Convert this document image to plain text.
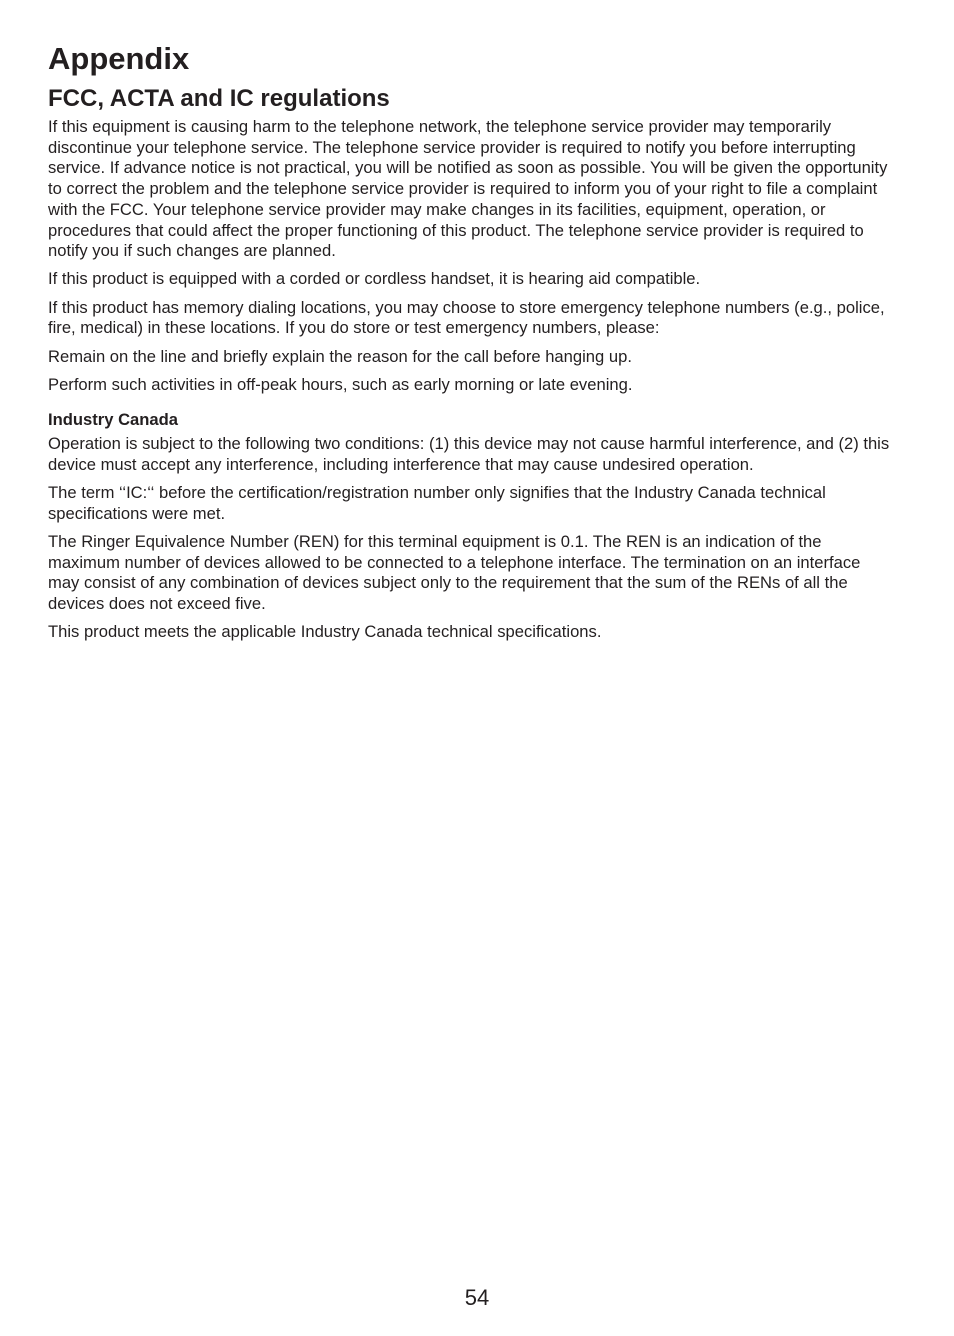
Appendix
FCC, ACTA and IC regulations

If this equipment is causing harm to the telephone network, the telephone service provider may temporarily discontinue your telephone service. The telephone service provider is required to notify you before interrupting service. If advance notice is not practical, you will be notified as soon as possible. You will be given the opportunity to correct the problem and the telephone service provider is required to inform you of your right to file a complaint with the FCC. Your telephone service provider may make changes in its facilities, equipment, operation, or procedures that could affect the proper functioning of this product. The telephone service provider is required to notify you if such changes are planned.

If this product is equipped with a corded or cordless handset, it is hearing aid compatible.

If this product has memory dialing locations, you may choose to store emergency telephone numbers (e.g., police, fire, medical) in these locations. If you do store or test emergency numbers, please:

Remain on the line and briefly explain the reason for the call before hanging up.

Perform such activities in off-peak hours, such as early morning or late evening.

Industry Canada

Operation is subject to the following two conditions: (1) this device may not cause harmful interference, and (2) this device must accept any interference, including interference that may cause undesired operation.

The term ‘‘IC:‘‘ before the certification/registration number only signifies that the Industry Canada technical specifications were met.

The Ringer Equivalence Number (REN) for this terminal equipment is 0.1. The REN is an indication of the maximum number of devices allowed to be connected to a telephone interface. The termination on an interface may consist of any combination of devices subject only to the requirement that the sum of the RENs of all the devices does not exceed five.

This product meets the applicable Industry Canada technical specifications.

54
